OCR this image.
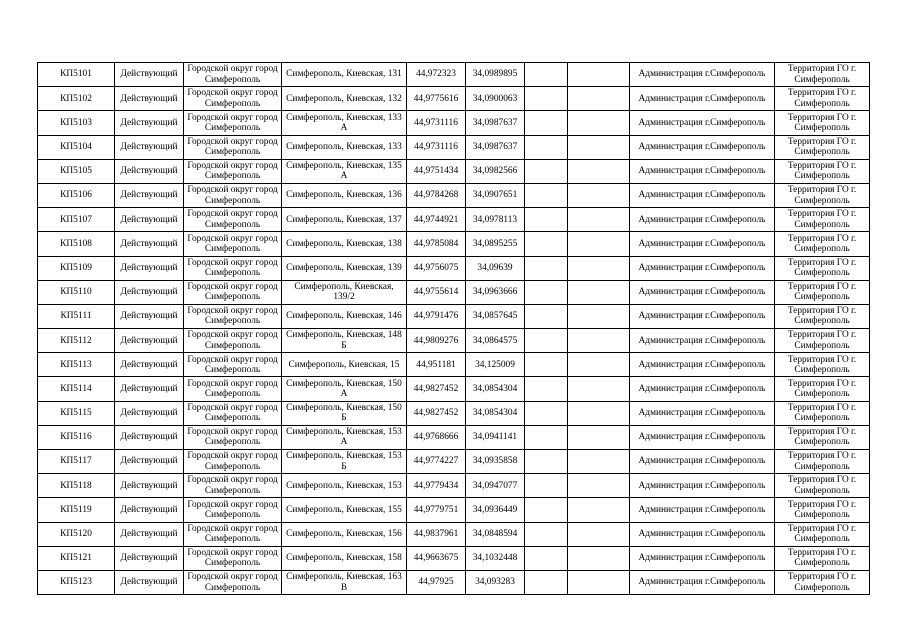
КП5101	Действующий	Городской округ город Симферополь	Симферополь, Киевская, 131	44,972323	34,0989895			Администрация г.Симферополь	Территория ГО г. Симферополь
КП5102	Действующий	Городской округ город Симферополь	Симферополь, Киевская, 132	44,9775616	34,0900063			Администрация г.Симферополь	Территория ГО г. Симферополь
КП5103	Действующий	Городской округ город Симферополь	Симферополь, Киевская, 133 А	44,9731116	34,0987637			Администрация г.Симферополь	Территория ГО г. Симферополь
КП5104	Действующий	Городской округ город Симферополь	Симферополь, Киевская, 133	44,9731116	34,0987637			Администрация г.Симферополь	Территория ГО г. Симферополь
КП5105	Действующий	Городской округ город Симферополь	Симферополь, Киевская, 135 А	44,9751434	34,0982566			Администрация г.Симферополь	Территория ГО г. Симферополь
КП5106	Действующий	Городской округ город Симферополь	Симферополь, Киевская, 136	44,9784268	34,0907651			Администрация г.Симферополь	Территория ГО г. Симферополь
КП5107	Действующий	Городской округ город Симферополь	Симферополь, Киевская, 137	44,9744921	34,0978113			Администрация г.Симферополь	Территория ГО г. Симферополь
КП5108	Действующий	Городской округ город Симферополь	Симферополь, Киевская, 138	44,9785084	34,0895255			Администрация г.Симферополь	Территория ГО г. Симферополь
КП5109	Действующий	Городской округ город Симферополь	Симферополь, Киевская, 139	44,9756075	34,09639			Администрация г.Симферополь	Территория ГО г. Симферополь
КП5110	Действующий	Городской округ город Симферополь	Симферополь, Киевская, 139/2	44,9755614	34,0963666			Администрация г.Симферополь	Территория ГО г. Симферополь
КП5111	Действующий	Городской округ город Симферополь	Симферополь, Киевская, 146	44,9791476	34,0857645			Администрация г.Симферополь	Территория ГО г. Симферополь
КП5112	Действующий	Городской округ город Симферополь	Симферополь, Киевская, 148 Б	44,9809276	34,0864575			Администрация г.Симферополь	Территория ГО г. Симферополь
КП5113	Действующий	Городской округ город Симферополь	Симферополь, Киевская, 15	44,951181	34,125009			Администрация г.Симферополь	Территория ГО г. Симферополь
КП5114	Действующий	Городской округ город Симферополь	Симферополь, Киевская, 150 А	44,9827452	34,0854304			Администрация г.Симферополь	Территория ГО г. Симферополь
КП5115	Действующий	Городской округ город Симферополь	Симферополь, Киевская, 150 Б	44,9827452	34,0854304			Администрация г.Симферополь	Территория ГО г. Симферополь
КП5116	Действующий	Городской округ город Симферополь	Симферополь, Киевская, 153 А	44,9768666	34,0941141			Администрация г.Симферополь	Территория ГО г. Симферополь
КП5117	Действующий	Городской округ город Симферополь	Симферополь, Киевская, 153 Б	44,9774227	34,0935858			Администрация г.Симферополь	Территория ГО г. Симферополь
КП5118	Действующий	Городской округ город Симферополь	Симферополь, Киевская, 153	44,9779434	34,0947077			Администрация г.Симферополь	Территория ГО г. Симферополь
КП5119	Действующий	Городской округ город Симферополь	Симферополь, Киевская, 155	44,9779751	34,0936449			Администрация г.Симферополь	Территория ГО г. Симферополь
КП5120	Действующий	Городской округ город Симферополь	Симферополь, Киевская, 156	44,9837961	34,0848594			Администрация г.Симферополь	Территория ГО г. Симферополь
КП5121	Действующий	Городской округ город Симферополь	Симферополь, Киевская, 158	44,9663675	34,1032448			Администрация г.Симферополь	Территория ГО г. Симферополь
КП5123	Действующий	Городской округ город Симферополь	Симферополь, Киевская, 163 В	44,97925	34,093283			Администрация г.Симферополь	Территория ГО г. Симферополь
